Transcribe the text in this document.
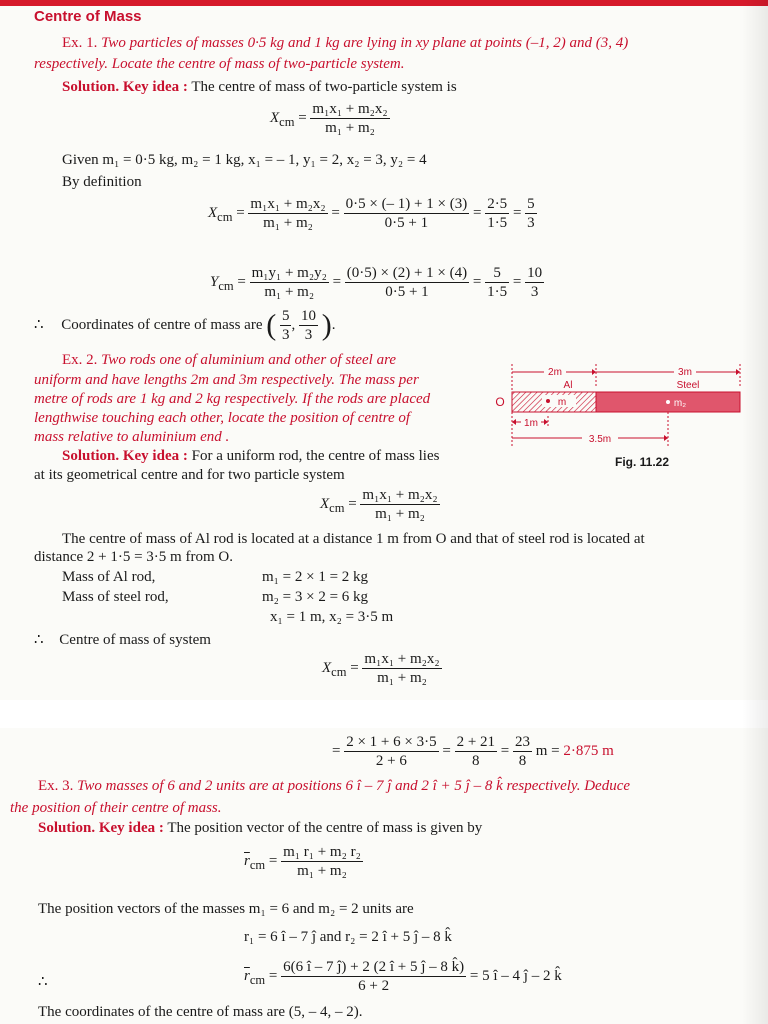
Centre of Mass
Ex. 1. Two particles of masses 0·5 kg and 1 kg are lying in xy plane at points (–1, 2) and (3, 4)
respectively. Locate the centre of mass of two-particle system.
Solution. Key idea : The centre of mass of two-particle system is
$X_{cm} = \frac{\text{m₁x₁ + m₂x₂}}{\text{m₁ + m₂}}$
Given m₁ = 0·5 kg, m₂ = 1 kg, x₁ = – 1, y₁ = 2, x₂ = 3, y₂ = 4
By definition
$X_{cm} = \frac{\text{m₁x₁ + m₂x₂}}{\text{m₁ + m₂}} = \frac{0\cdot 5 \times (- 1) + 1 \times (3)}{0\cdot 5 + 1} = \frac{2\cdot 5}{1\cdot 5} = \frac{5}{3}$
$Y_{cm} = \frac{\text{m₁y₁ + m₂y₂}}{\text{m₁ + m₂}} = \frac{(0\cdot 5) \times (2) + 1 \times (4)}{0\cdot 5 + 1} = \frac{5}{1\cdot 5} = \frac{10}{3}$
∴ Coordinates of centre of mass are ( $\frac{5}{3}$ , $\frac{10}{3}$ ).
Ex. 2. Two rods one of aluminium and other of steel are
uniform and have lengths 2m and 3m respectively. The mass per
metre of rods are 1 kg and 2 kg respectively. If the rods are placed
lengthwise touching each other, locate the position of centre of
mass relative to aluminium end .
2m	3m
Al	Steel
m	m₂
O
1m
3.5m
Fig. 11.22
Solution. Key idea : For a uniform rod, the centre of mass lies
at its geometrical centre and for two particle system
$X_{cm} = \frac{\text{m₁x₁ + m₂x₂}}{\text{m₁ + m₂}}$
The centre of mass of Al rod is located at a distance 1 m from O and that of steel rod is located at
distance 2 + 1·5 = 3·5 m from O.
Mass of Al rod,	m₁ = 2 × 1 = 2 kg
Mass of steel rod,	m₂ = 3 × 2 = 6 kg
x₁ = 1 m, x₂ = 3·5 m
∴ Centre of mass of system
$X_{cm} = \frac{\text{m₁x₁ + m₂x₂}}{\text{m₁ + m₂}}$
= $\frac{2 \times 1 + 6 \times 3\cdot 5}{2 + 6} = \frac{2 + 21}{8} = \frac{23}{8}$ m = 2·875 m
Ex. 3. Two masses of 6 and 2 units are at positions 6 î – 7 ĵ and 2 î + 5 ĵ – 8 k̂ respectively. Deduce
the position of their centre of mass.
Solution. Key idea : The position vector of the centre of mass is given by
$\overline{r}_{cm} = \frac{\text{m₁ r₁ + m₂ r₂}}{\text{m₁ + m₂}}$
The position vectors of the masses m₁ = 6 and m₂ = 2 units are
r₁ = 6 î – 7 ĵ and r₂ = 2 î + 5 ĵ – 8 k̂
∴	$\overline{r}_{cm} = \frac{6(6 î - 7 ĵ) + 2 (2 î + 5 ĵ - 8 k̂)}{6 + 2} = 5$ î – 4 ĵ – 2 k̂
The coordinates of the centre of mass are (5, – 4, – 2).
